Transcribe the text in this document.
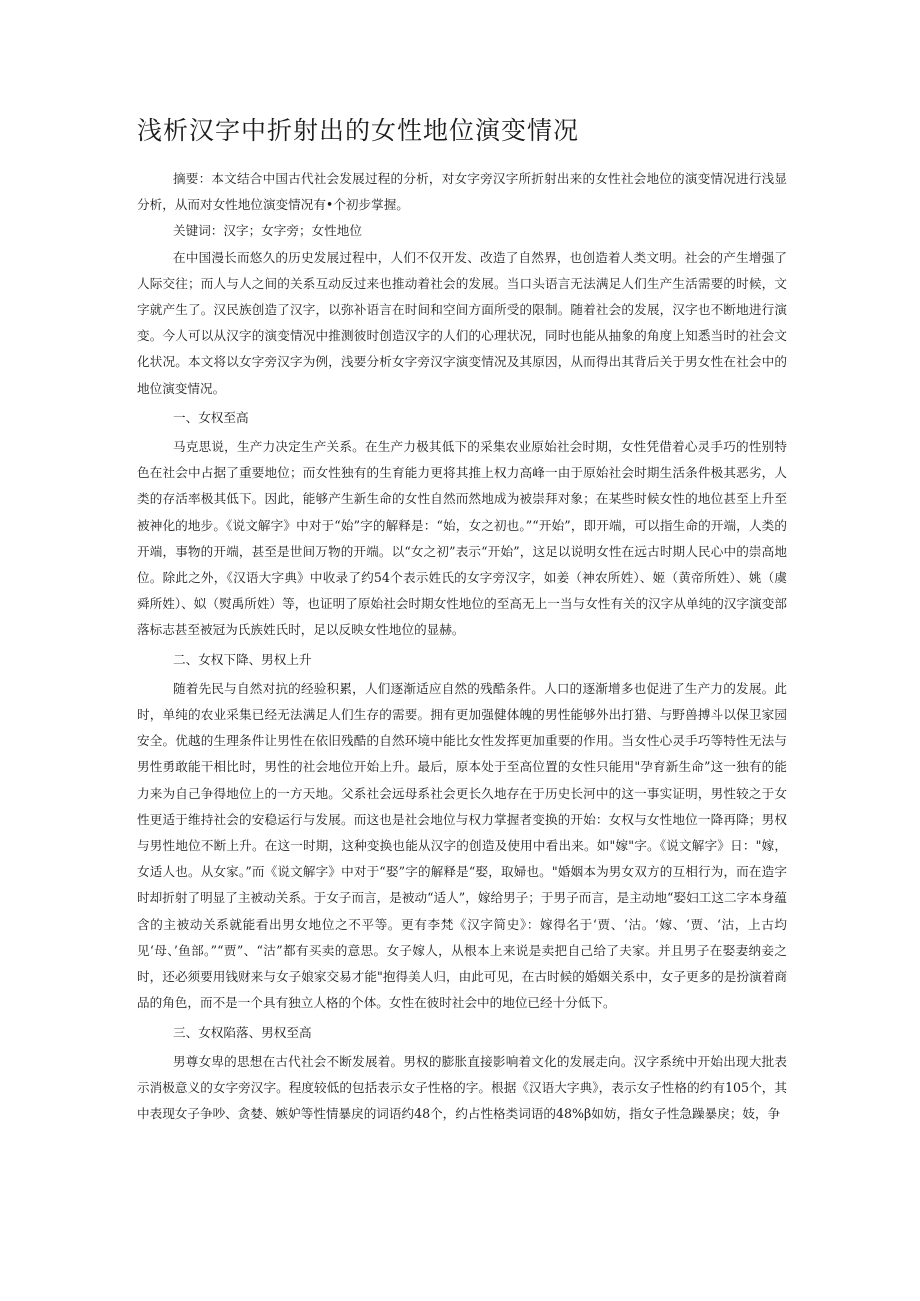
浅析汉字中折射出的女性地位演变情况

摘要：本文结合中国古代社会发展过程的分析，对女字旁汉字所折射出来的女性社会地位的演变情况进行浅显分析，从而对女性地位演变情况有•个初步掌握。

关键词：汉字；女字旁；女性地位

在中国漫长而悠久的历史发展过程中，人们不仅开发、改造了自然界，也创造着人类文明。社会的产生增强了人际交往；而人与人之间的关系互动反过来也推动着社会的发展。当口头语言无法满足人们生产生活需要的时候，文字就产生了。汉民族创造了汉字，以弥补语言在时间和空间方面所受的限制。随着社会的发展，汉字也不断地进行演变。今人可以从汉字的演变情况中推测彼时创造汉字的人们的心理状况，同时也能从抽象的角度上知悉当时的社会文化状况。本文将以女字旁汉字为例，浅要分析女字旁汉字演变情况及其原因，从而得出其背后关于男女性在社会中的地位演变情况。

一、女权至高

马克思说，生产力决定生产关系。在生产力极其低下的采集农业原始社会时期，女性凭借着心灵手巧的性别特色在社会中占据了重要地位；而女性独有的生育能力更将其推上权力高峰一由于原始社会时期生活条件极其恶劣，人类的存活率极其低下。因此，能够产生新生命的女性自然而然地成为被崇拜对象；在某些时候女性的地位甚至上升至被神化的地步。《说文解字》中对于“始”字的解释是：“始，女之初也。”“开始”，即开端，可以指生命的开端，人类的开端，事物的开端，甚至是世间万物的开端。以“女之初”表示“开始”，这足以说明女性在远古时期人民心中的崇高地位。除此之外，《汉语大字典》中收录了约54个表示姓氏的女字旁汉字，如姜（神农所姓）、姬（黄帝所姓）、姚（虞舜所姓）、姒（熨禹所姓）等，也证明了原始社会时期女性地位的至高无上一当与女性有关的汉字从单纯的汉字演变部落标志甚至被冠为氏族姓氏时，足以反映女性地位的显赫。

二、女权下降、男权上升

随着先民与自然对抗的经验积累，人们逐渐适应自然的残酷条件。人口的逐渐增多也促进了生产力的发展。此时，单纯的农业采集已经无法满足人们生存的需要。拥有更加强健体魄的男性能够外出打猎、与野兽搏斗以保卫家园安全。优越的生理条件让男性在依旧残酷的自然环境中能比女性发挥更加重要的作用。当女性心灵手巧等特性无法与男性勇敢能干相比时，男性的社会地位开始上升。最后，原本处于至高位置的女性只能用"孕育新生命”这一独有的能力来为自己争得地位上的一方天地。父系社会远母系社会更长久地存在于历史长河中的这一事实证明，男性较之于女性更适于维持社会的安稳运行与发展。而这也是社会地位与权力掌握者变换的开始：女权与女性地位一降再降；男权与男性地位不断上升。在这一时期，这种变换也能从汉字的创造及使用中看出来。如"嫁"字。《说文解字》日："嫁，女适人也。从女家。”而《说文解字》中对于“娶”字的解释是“娶，取婦也。"婚姻本为男女双方的互相行为，而在造字时却折射了明显了主被动关系。于女子而言，是被动“适人”，嫁给男子；于男子而言，是主动地“娶妇工这二字本身蕴含的主被动关系就能看出男女地位之不平等。更有李梵《汉字简史》：嫁得名于‘贾、‘沽。‘嫁、‘贾、‘沽，上古均见‘母、’鱼部。”“贾”、“沽”都有买卖的意思。女子嫁人，从根本上来说是卖把自己给了夫家。并且男子在娶妻纳妾之时，还必须要用钱财来与女子娘家交易才能"抱得美人归，由此可见，在古时候的婚姻关系中，女子更多的是扮演着商品的角色，而不是一个具有独立人格的个体。女性在彼时社会中的地位已经十分低下。

三、女权陷落、男权至高

男尊女卑的思想在古代社会不断发展着。男权的膨胀直接影响着文化的发展走向。汉字系统中开始出现大批表示消极意义的女字旁汉字。程度较低的包括表示女子性格的字。根据《汉语大字典》，表示女子性格的约有105个，其中表现女子争吵、贪婪、嫉妒等性情暴戾的词语约48个，约占性格类词语的48%β如妨，指女子性急躁暴戾；妓，争
